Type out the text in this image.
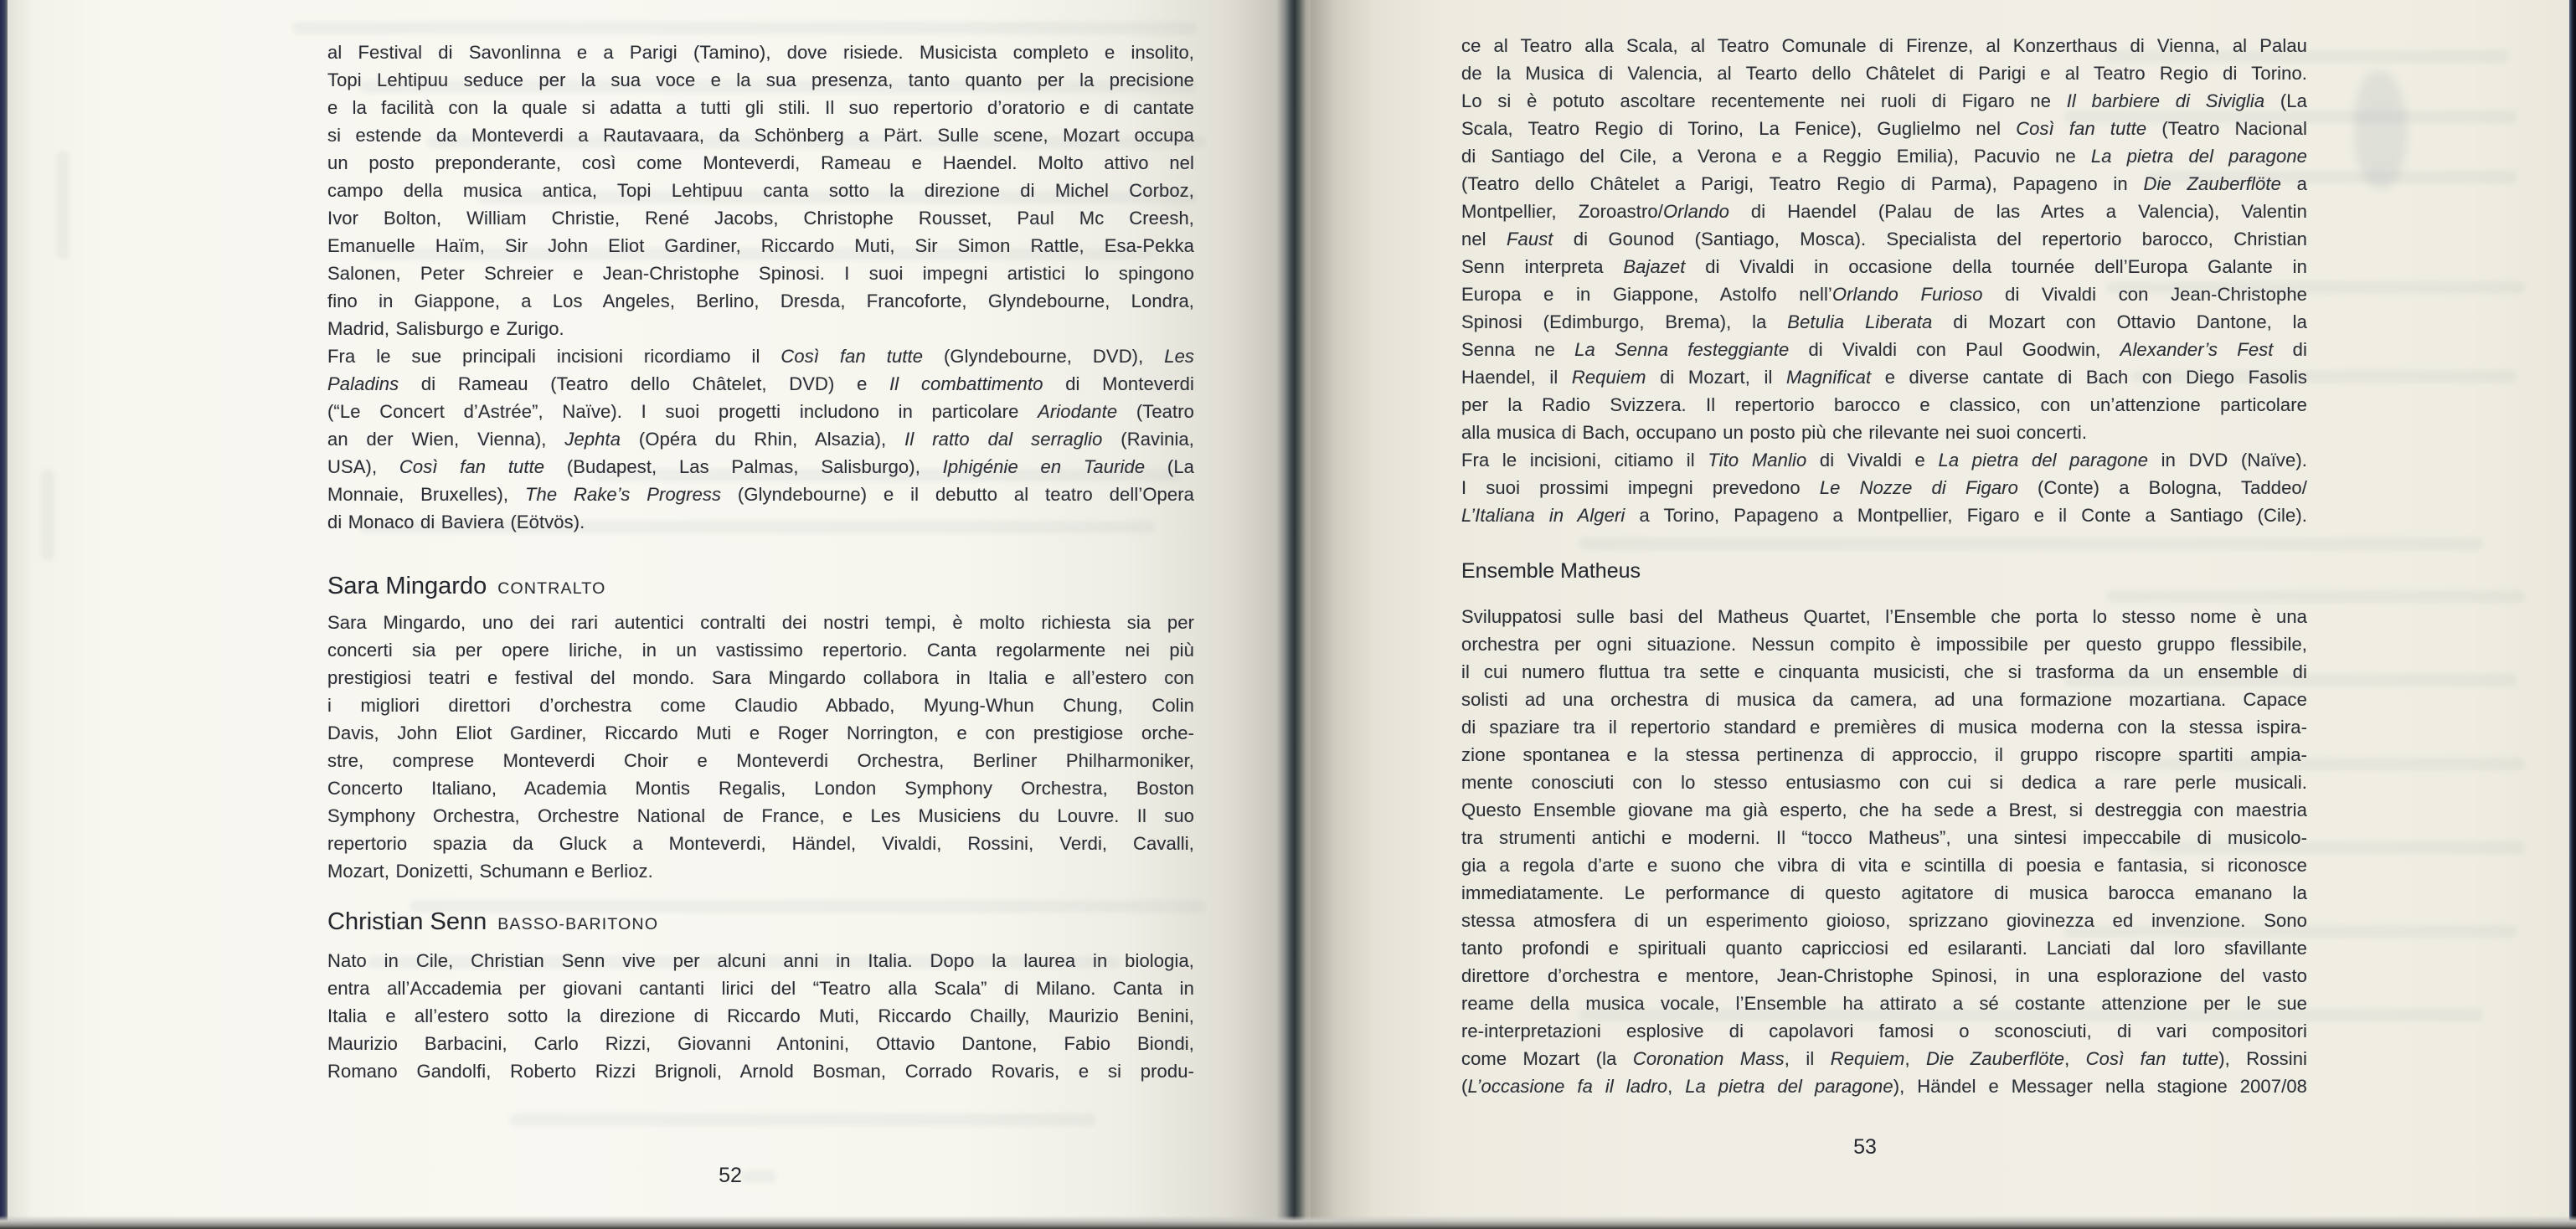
al Festival di Savonlinna e a Parigi (Tamino), dove risiede. Musicista completo e insolito,
Topi Lehtipuu seduce per la sua voce e la sua presenza, tanto quanto per la precisione
e la facilità con la quale si adatta a tutti gli stili. Il suo repertorio d’oratorio e di cantate
si estende da Monteverdi a Rautavaara, da Schönberg a Pärt. Sulle scene, Mozart occupa
un posto preponderante, così come Monteverdi, Rameau e Haendel. Molto attivo nel
campo della musica antica, Topi Lehtipuu canta sotto la direzione di Michel Corboz,
Ivor Bolton, William Christie, René Jacobs, Christophe Rousset, Paul Mc Creesh,
Emanuelle Haïm, Sir John Eliot Gardiner, Riccardo Muti, Sir Simon Rattle, Esa-Pekka
Salonen, Peter Schreier e Jean-Christophe Spinosi. I suoi impegni artistici lo spingono
fino in Giappone, a Los Angeles, Berlino, Dresda, Francoforte, Glyndebourne, Londra,
Madrid, Salisburgo e Zurigo.
Fra le sue principali incisioni ricordiamo il Così fan tutte (Glyndebourne, DVD), Les
Paladins di Rameau (Teatro dello Châtelet, DVD) e Il combattimento di Monteverdi
(“Le Concert d’Astrée”, Naïve). I suoi progetti includono in particolare Ariodante (Teatro
an der Wien, Vienna), Jephta (Opéra du Rhin, Alsazia), Il ratto dal serraglio (Ravinia,
USA), Così fan tutte (Budapest, Las Palmas, Salisburgo), Iphigénie en Tauride (La
Monnaie, Bruxelles), The Rake’s Progress (Glyndebourne) e il debutto al teatro dell’Opera
di Monaco di Baviera (Eötvös).
Sara Mingardo CONTRALTO
Sara Mingardo, uno dei rari autentici contralti dei nostri tempi, è molto richiesta sia per
concerti sia per opere liriche, in un vastissimo repertorio. Canta regolarmente nei più
prestigiosi teatri e festival del mondo. Sara Mingardo collabora in Italia e all’estero con
i migliori direttori d’orchestra come Claudio Abbado, Myung-Whun Chung, Colin
Davis, John Eliot Gardiner, Riccardo Muti e Roger Norrington, e con prestigiose orche-
stre, comprese Monteverdi Choir e Monteverdi Orchestra, Berliner Philharmoniker,
Concerto Italiano, Academia Montis Regalis, London Symphony Orchestra, Boston
Symphony Orchestra, Orchestre National de France, e Les Musiciens du Louvre. Il suo
repertorio spazia da Gluck a Monteverdi, Händel, Vivaldi, Rossini, Verdi, Cavalli,
Mozart, Donizetti, Schumann e Berlioz.
Christian Senn BASSO-BARITONO
Nato in Cile, Christian Senn vive per alcuni anni in Italia. Dopo la laurea in biologia,
entra all’Accademia per giovani cantanti lirici del “Teatro alla Scala” di Milano. Canta in
Italia e all’estero sotto la direzione di Riccardo Muti, Riccardo Chailly, Maurizio Benini,
Maurizio Barbacini, Carlo Rizzi, Giovanni Antonini, Ottavio Dantone, Fabio Biondi,
Romano Gandolfi, Roberto Rizzi Brignoli, Arnold Bosman, Corrado Rovaris, e si produ-
52
ce al Teatro alla Scala, al Teatro Comunale di Firenze, al Konzerthaus di Vienna, al Palau
de la Musica di Valencia, al Tearto dello Châtelet di Parigi e al Teatro Regio di Torino.
Lo si è potuto ascoltare recentemente nei ruoli di Figaro ne Il barbiere di Siviglia (La
Scala, Teatro Regio di Torino, La Fenice), Guglielmo nel Così fan tutte (Teatro Nacional
di Santiago del Cile, a Verona e a Reggio Emilia), Pacuvio ne La pietra del paragone
(Teatro dello Châtelet a Parigi, Teatro Regio di Parma), Papageno in Die Zauberflöte a
Montpellier, Zoroastro/Orlando di Haendel (Palau de las Artes a Valencia), Valentin
nel Faust di Gounod (Santiago, Mosca). Specialista del repertorio barocco, Christian
Senn interpreta Bajazet di Vivaldi in occasione della tournée dell’Europa Galante in
Europa e in Giappone, Astolfo nell’Orlando Furioso di Vivaldi con Jean-Christophe
Spinosi (Edimburgo, Brema), la Betulia Liberata di Mozart con Ottavio Dantone, la
Senna ne La Senna festeggiante di Vivaldi con Paul Goodwin, Alexander’s Fest di
Haendel, il Requiem di Mozart, il Magnificat e diverse cantate di Bach con Diego Fasolis
per la Radio Svizzera. Il repertorio barocco e classico, con un’attenzione particolare
alla musica di Bach, occupano un posto più che rilevante nei suoi concerti.
Fra le incisioni, citiamo il Tito Manlio di Vivaldi e La pietra del paragone in DVD (Naïve).
I suoi prossimi impegni prevedono Le Nozze di Figaro (Conte) a Bologna, Taddeo/
L’Italiana in Algeri a Torino, Papageno a Montpellier, Figaro e il Conte a Santiago (Cile).
Ensemble Matheus
Sviluppatosi sulle basi del Matheus Quartet, l’Ensemble che porta lo stesso nome è una
orchestra per ogni situazione. Nessun compito è impossibile per questo gruppo flessibile,
il cui numero fluttua tra sette e cinquanta musicisti, che si trasforma da un ensemble di
solisti ad una orchestra di musica da camera, ad una formazione mozartiana. Capace
di spaziare tra il repertorio standard e premières di musica moderna con la stessa ispira-
zione spontanea e la stessa pertinenza di approccio, il gruppo riscopre spartiti ampia-
mente conosciuti con lo stesso entusiasmo con cui si dedica a rare perle musicali.
Questo Ensemble giovane ma già esperto, che ha sede a Brest, si destreggia con maestria
tra strumenti antichi e moderni. Il “tocco Matheus”, una sintesi impeccabile di musicolo-
gia a regola d’arte e suono che vibra di vita e scintilla di poesia e fantasia, si riconosce
immediatamente. Le performance di questo agitatore di musica barocca emanano la
stessa atmosfera di un esperimento gioioso, sprizzano giovinezza ed invenzione. Sono
tanto profondi e spirituali quanto capricciosi ed esilaranti. Lanciati dal loro sfavillante
direttore d’orchestra e mentore, Jean-Christophe Spinosi, in una esplorazione del vasto
reame della musica vocale, l’Ensemble ha attirato a sé costante attenzione per le sue
re-interpretazioni esplosive di capolavori famosi o sconosciuti, di vari compositori
come Mozart (la Coronation Mass, il Requiem, Die Zauberflöte, Così fan tutte), Rossini
(L’occasione fa il ladro, La pietra del paragone), Händel e Messager nella stagione 2007/08
53
